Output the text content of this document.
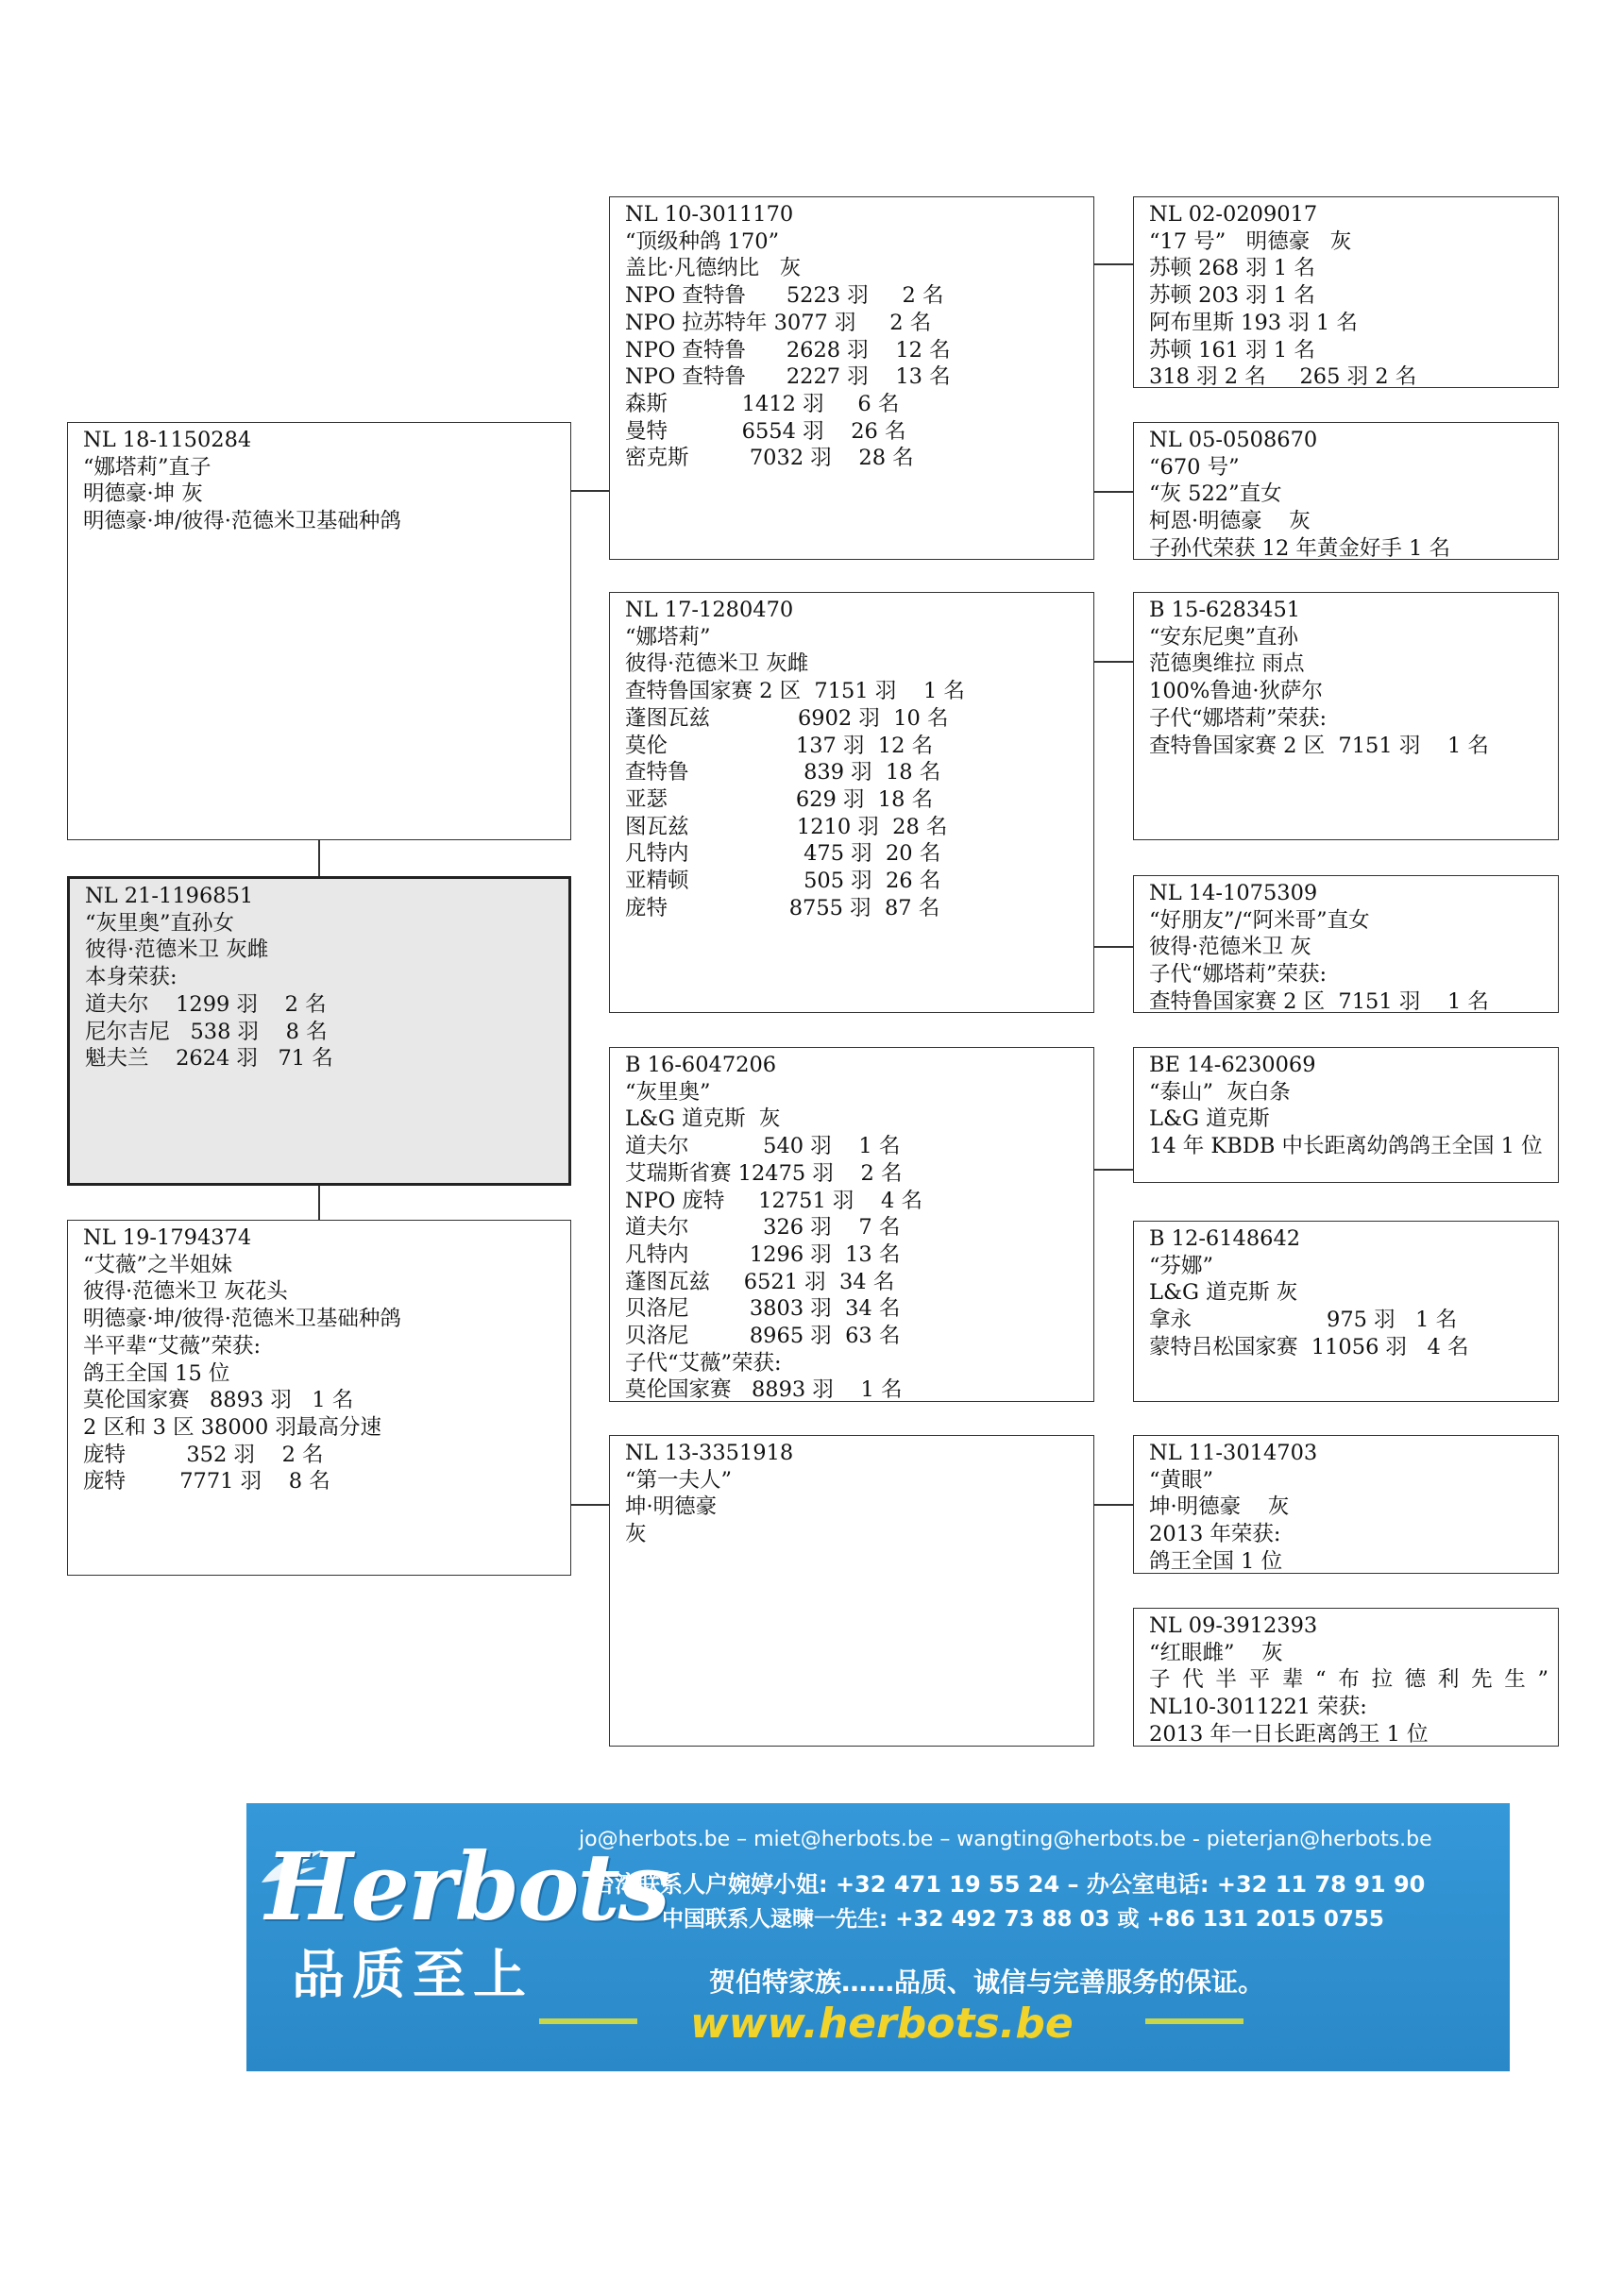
NL 18-1150284
“娜塔莉”直子
明德豪·坤 灰
明德豪·坤/彼得·范德米卫基础种鸽
NL 21-1196851
“灰里奥”直孙女
彼得·范德米卫 灰雌
本身荣获:
道夫尔    1299 羽    2 名
尼尔吉尼   538 羽    8 名
魁夫兰    2624 羽   71 名
NL 19-1794374
“艾薇”之半姐妹
彼得·范德米卫 灰花头
明德豪·坤/彼得·范德米卫基础种鸽
半平辈“艾薇”荣获:
鸽王全国 15 位
莫伦国家赛   8893 羽   1 名
2 区和 3 区 38000 羽最高分速
庞特         352 羽    2 名
庞特        7771 羽    8 名
NL 10-3011170
“顶级种鸽 170”
盖比·凡德纳比   灰
NPO 查特鲁      5223 羽     2 名
NPO 拉苏特年 3077 羽     2 名
NPO 查特鲁      2628 羽    12 名
NPO 查特鲁      2227 羽    13 名
森斯           1412 羽     6 名
曼特           6554 羽    26 名
密克斯         7032 羽    28 名
NL 17-1280470
“娜塔莉”
彼得·范德米卫 灰雌
查特鲁国家赛 2 区  7151 羽    1 名
蓬图瓦兹             6902 羽  10 名
莫伦                   137 羽  12 名
查特鲁                 839 羽  18 名
亚瑟                   629 羽  18 名
图瓦兹                1210 羽  28 名
凡特内                 475 羽  20 名
亚精顿                 505 羽  26 名
庞特                  8755 羽  87 名
B 16-6047206
“灰里奥”
L&G 道克斯  灰
道夫尔           540 羽    1 名
艾瑞斯省赛 12475 羽    2 名
NPO 庞特     12751 羽    4 名
道夫尔           326 羽    7 名
凡特内         1296 羽  13 名
蓬图瓦兹     6521 羽  34 名
贝洛尼         3803 羽  34 名
贝洛尼         8965 羽  63 名
子代“艾薇”荣获:
莫伦国家赛   8893 羽    1 名
NL 13-3351918
“第一夫人”
坤·明德豪
灰
NL 02-0209017
“17 号”   明德豪   灰
苏顿 268 羽 1 名
苏顿 203 羽 1 名
阿布里斯 193 羽 1 名
苏顿 161 羽 1 名
318 羽 2 名     265 羽 2 名
NL 05-0508670
“670 号”
“灰 522”直女
柯恩·明德豪    灰
子孙代荣获 12 年黄金好手 1 名
B 15-6283451
“安东尼奥”直孙
范德奥维拉 雨点
100%鲁迪·狄萨尔
子代“娜塔莉”荣获:
查特鲁国家赛 2 区  7151 羽    1 名
NL 14-1075309
“好朋友”/“阿米哥”直女
彼得·范德米卫 灰
子代“娜塔莉”荣获:
查特鲁国家赛 2 区  7151 羽    1 名
BE 14-6230069
“泰山”  灰白条
L&G 道克斯
14 年 KBDB 中长距离幼鸽鸽王全国 1 位
B 12-6148642
“芬娜”
L&G 道克斯 灰
拿永                    975 羽   1 名
蒙特吕松国家赛  11056 羽   4 名
NL 11-3014703
“黄眼”
坤·明德豪    灰
2013 年荣获:
鸽王全国 1 位
NL 09-3912393
“红眼雌”    灰
子代半平辈“布拉德利先生”
NL10-3011221 荣获:
2013 年一日长距离鸽王 1 位
Herbots
品质至上
jo@herbots.be – miet@herbots.be – wangting@herbots.be - pieterjan@herbots.be
台湾联系人户婉婷小姐: +32 471 19 55 24 – 办公室电话: +32 11 78 91 90
中国联系人逯暕一先生: +32 492 73 88 03 或 +86 131 2015 0755
贺伯特家族……品质、诚信与完善服务的保证。
www.herbots.be
